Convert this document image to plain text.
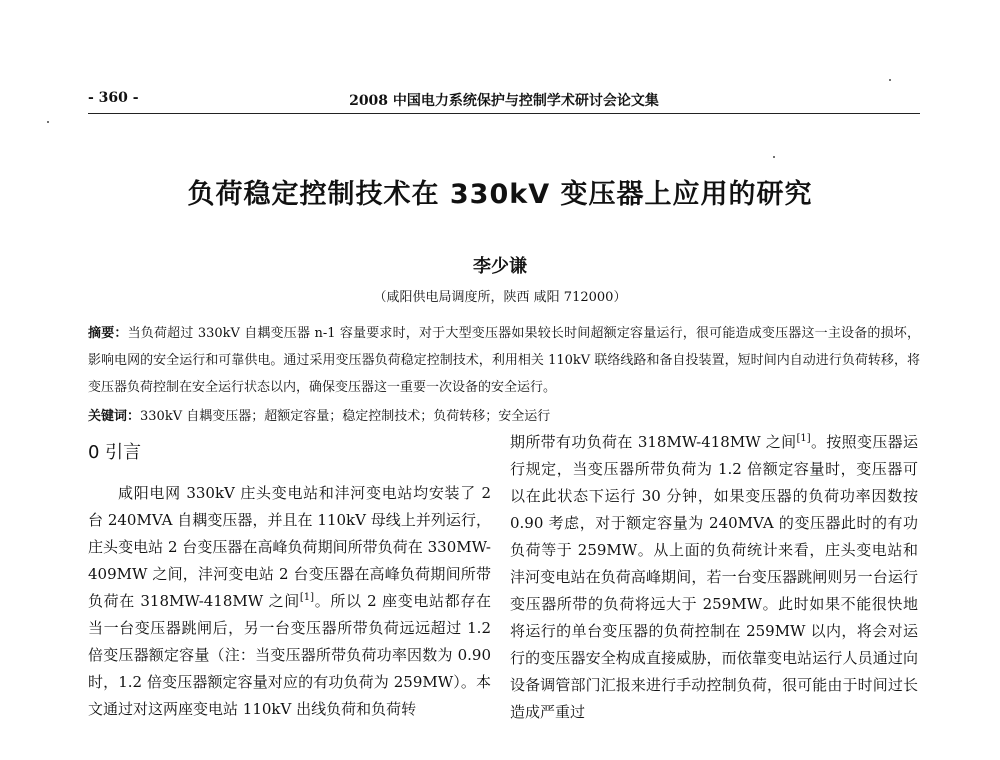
- 360 -	2008 中国电力系统保护与控制学术研讨会论文集
负荷稳定控制技术在 330kV 变压器上应用的研究
李少谦
（咸阳供电局调度所，陕西 咸阳 712000）
摘要：当负荷超过 330kV 自耦变压器 n-1 容量要求时，对于大型变压器如果较长时间超额定容量运行，很可能造成变压器这一主设备的损坏，影响电网的安全运行和可靠供电。通过采用变压器负荷稳定控制技术，利用相关 110kV 联络线路和备自投装置，短时间内自动进行负荷转移，将变压器负荷控制在安全运行状态以内，确保变压器这一重要一次设备的安全运行。
关键词：330kV 自耦变压器；超额定容量；稳定控制技术；负荷转移；安全运行
0 引言

咸阳电网 330kV 庄头变电站和沣河变电站均安装了 2 台 240MVA 自耦变压器，并且在 110kV 母线上并列运行，庄头变电站 2 台变压器在高峰负荷期间所带负荷在 330MW-409MW 之间，沣河变电站 2 台变压器在高峰负荷期间所带负荷在 318MW-418MW 之间[1]。所以 2 座变电站都存在当一台变压器跳闸后，另一台变压器所带负荷远远超过 1.2 倍变压器额定容量（注：当变压器所带负荷功率因数为 0.90 时，1.2 倍变压器额定容量对应的有功负荷为 259MW）。本文通过对这两座变电站 110kV 出线负荷和负荷转

期所带有功负荷在 318MW-418MW 之间[1]。按照变压器运行规定，当变压器所带负荷为 1.2 倍额定容量时，变压器可以在此状态下运行 30 分钟，如果变压器的负荷功率因数按 0.90 考虑，对于额定容量为 240MVA 的变压器此时的有功负荷等于 259MW。从上面的负荷统计来看，庄头变电站和沣河变电站在负荷高峰期间，若一台变压器跳闸则另一台运行变压器所带的负荷将远大于 259MW。此时如果不能很快地将运行的单台变压器的负荷控制在 259MW 以内，将会对运行的变压器安全构成直接威胁，而依靠变电站运行人员通过向设备调管部门汇报来进行手动控制负荷，很可能由于时间过长造成严重过
